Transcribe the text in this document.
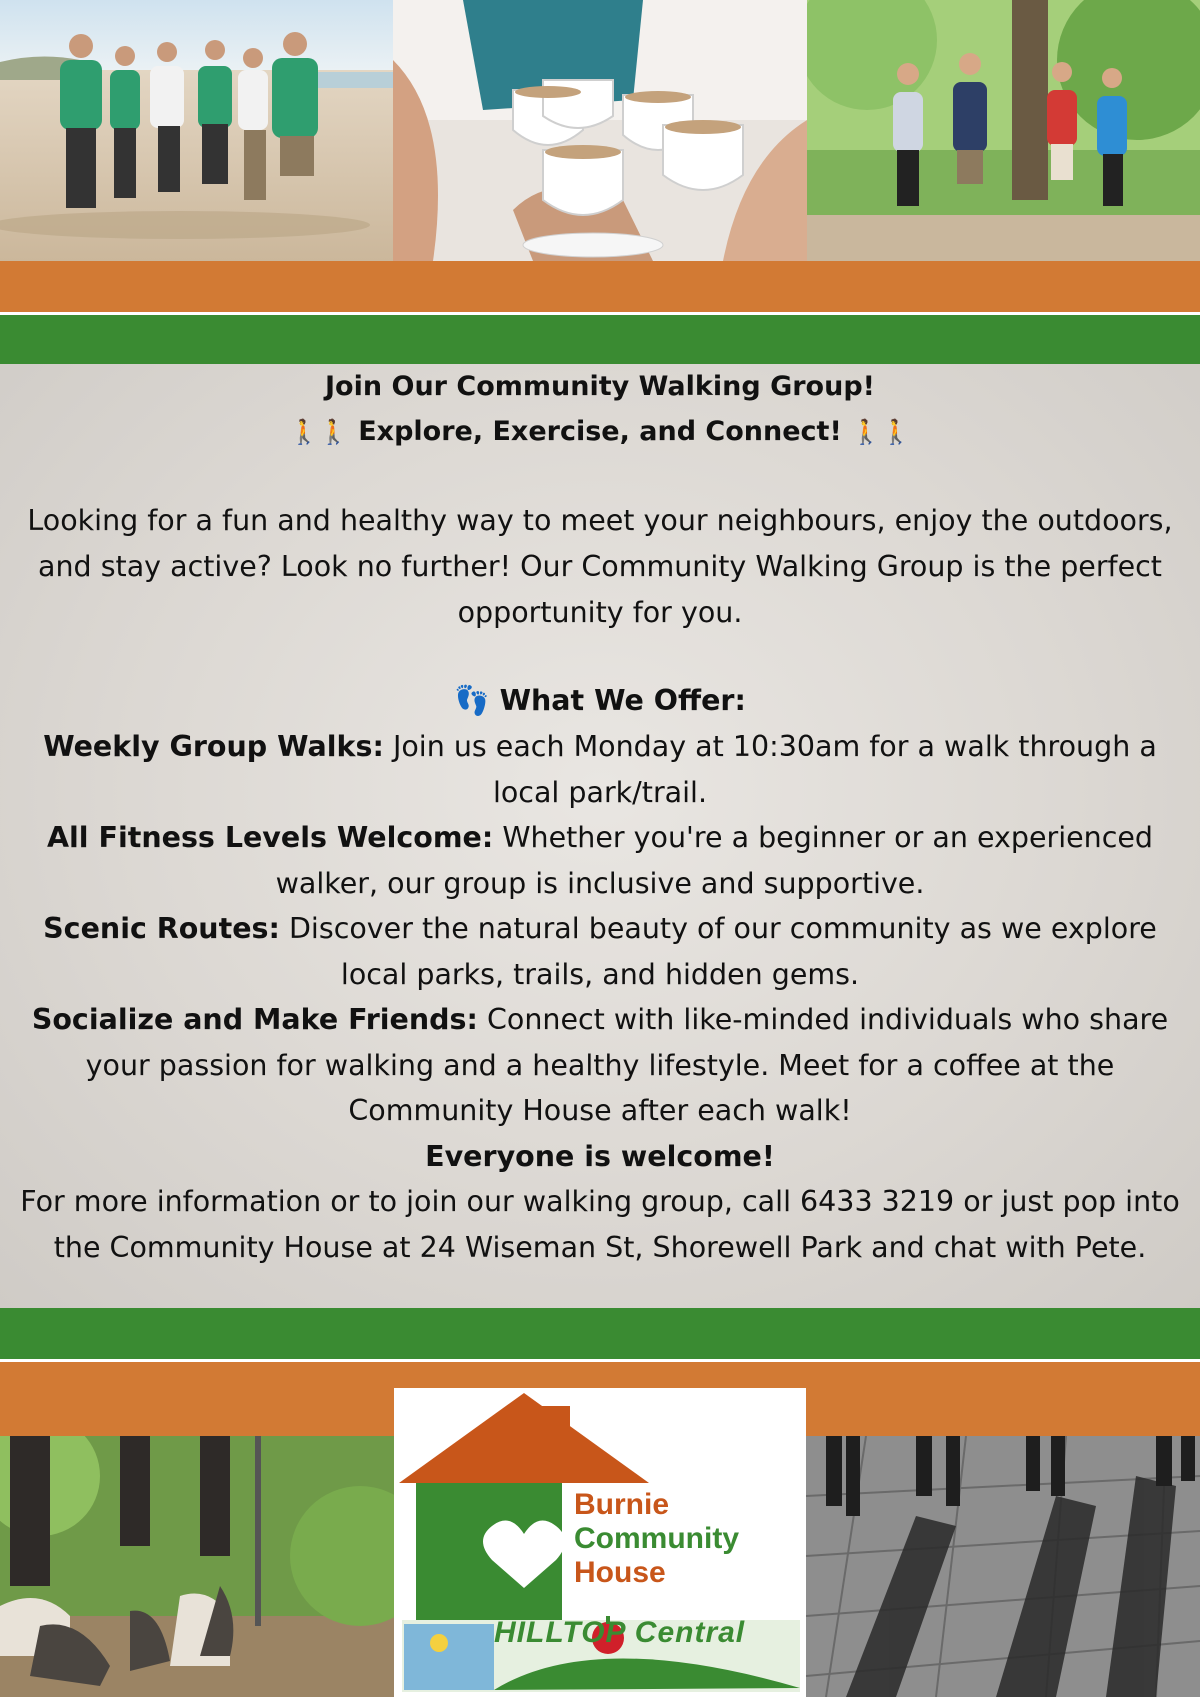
Join Our Community Walking Group!

🚶🚶 Explore, Exercise, and Connect! 🚶🚶

Looking for a fun and healthy way to meet your neighbours, enjoy the outdoors, and stay active? Look no further! Our Community Walking Group is the perfect opportunity for you.

👣 What We Offer:

Weekly Group Walks: Join us each Monday at 10:30am for a walk through a local park/trail.

All Fitness Levels Welcome: Whether you're a beginner or an experienced walker, our group is inclusive and supportive.

Scenic Routes: Discover the natural beauty of our community as we explore local parks, trails, and hidden gems.

Socialize and Make Friends: Connect with like-minded individuals who share your passion for walking and a healthy lifestyle. Meet for a coffee at the Community House after each walk!

Everyone is welcome!

For more information or to join our walking group, call 6433 3219 or just pop into the Community House at 24 Wiseman St, Shorewell Park and chat with Pete.

Burnie
Community
House
HILLTOP Central
